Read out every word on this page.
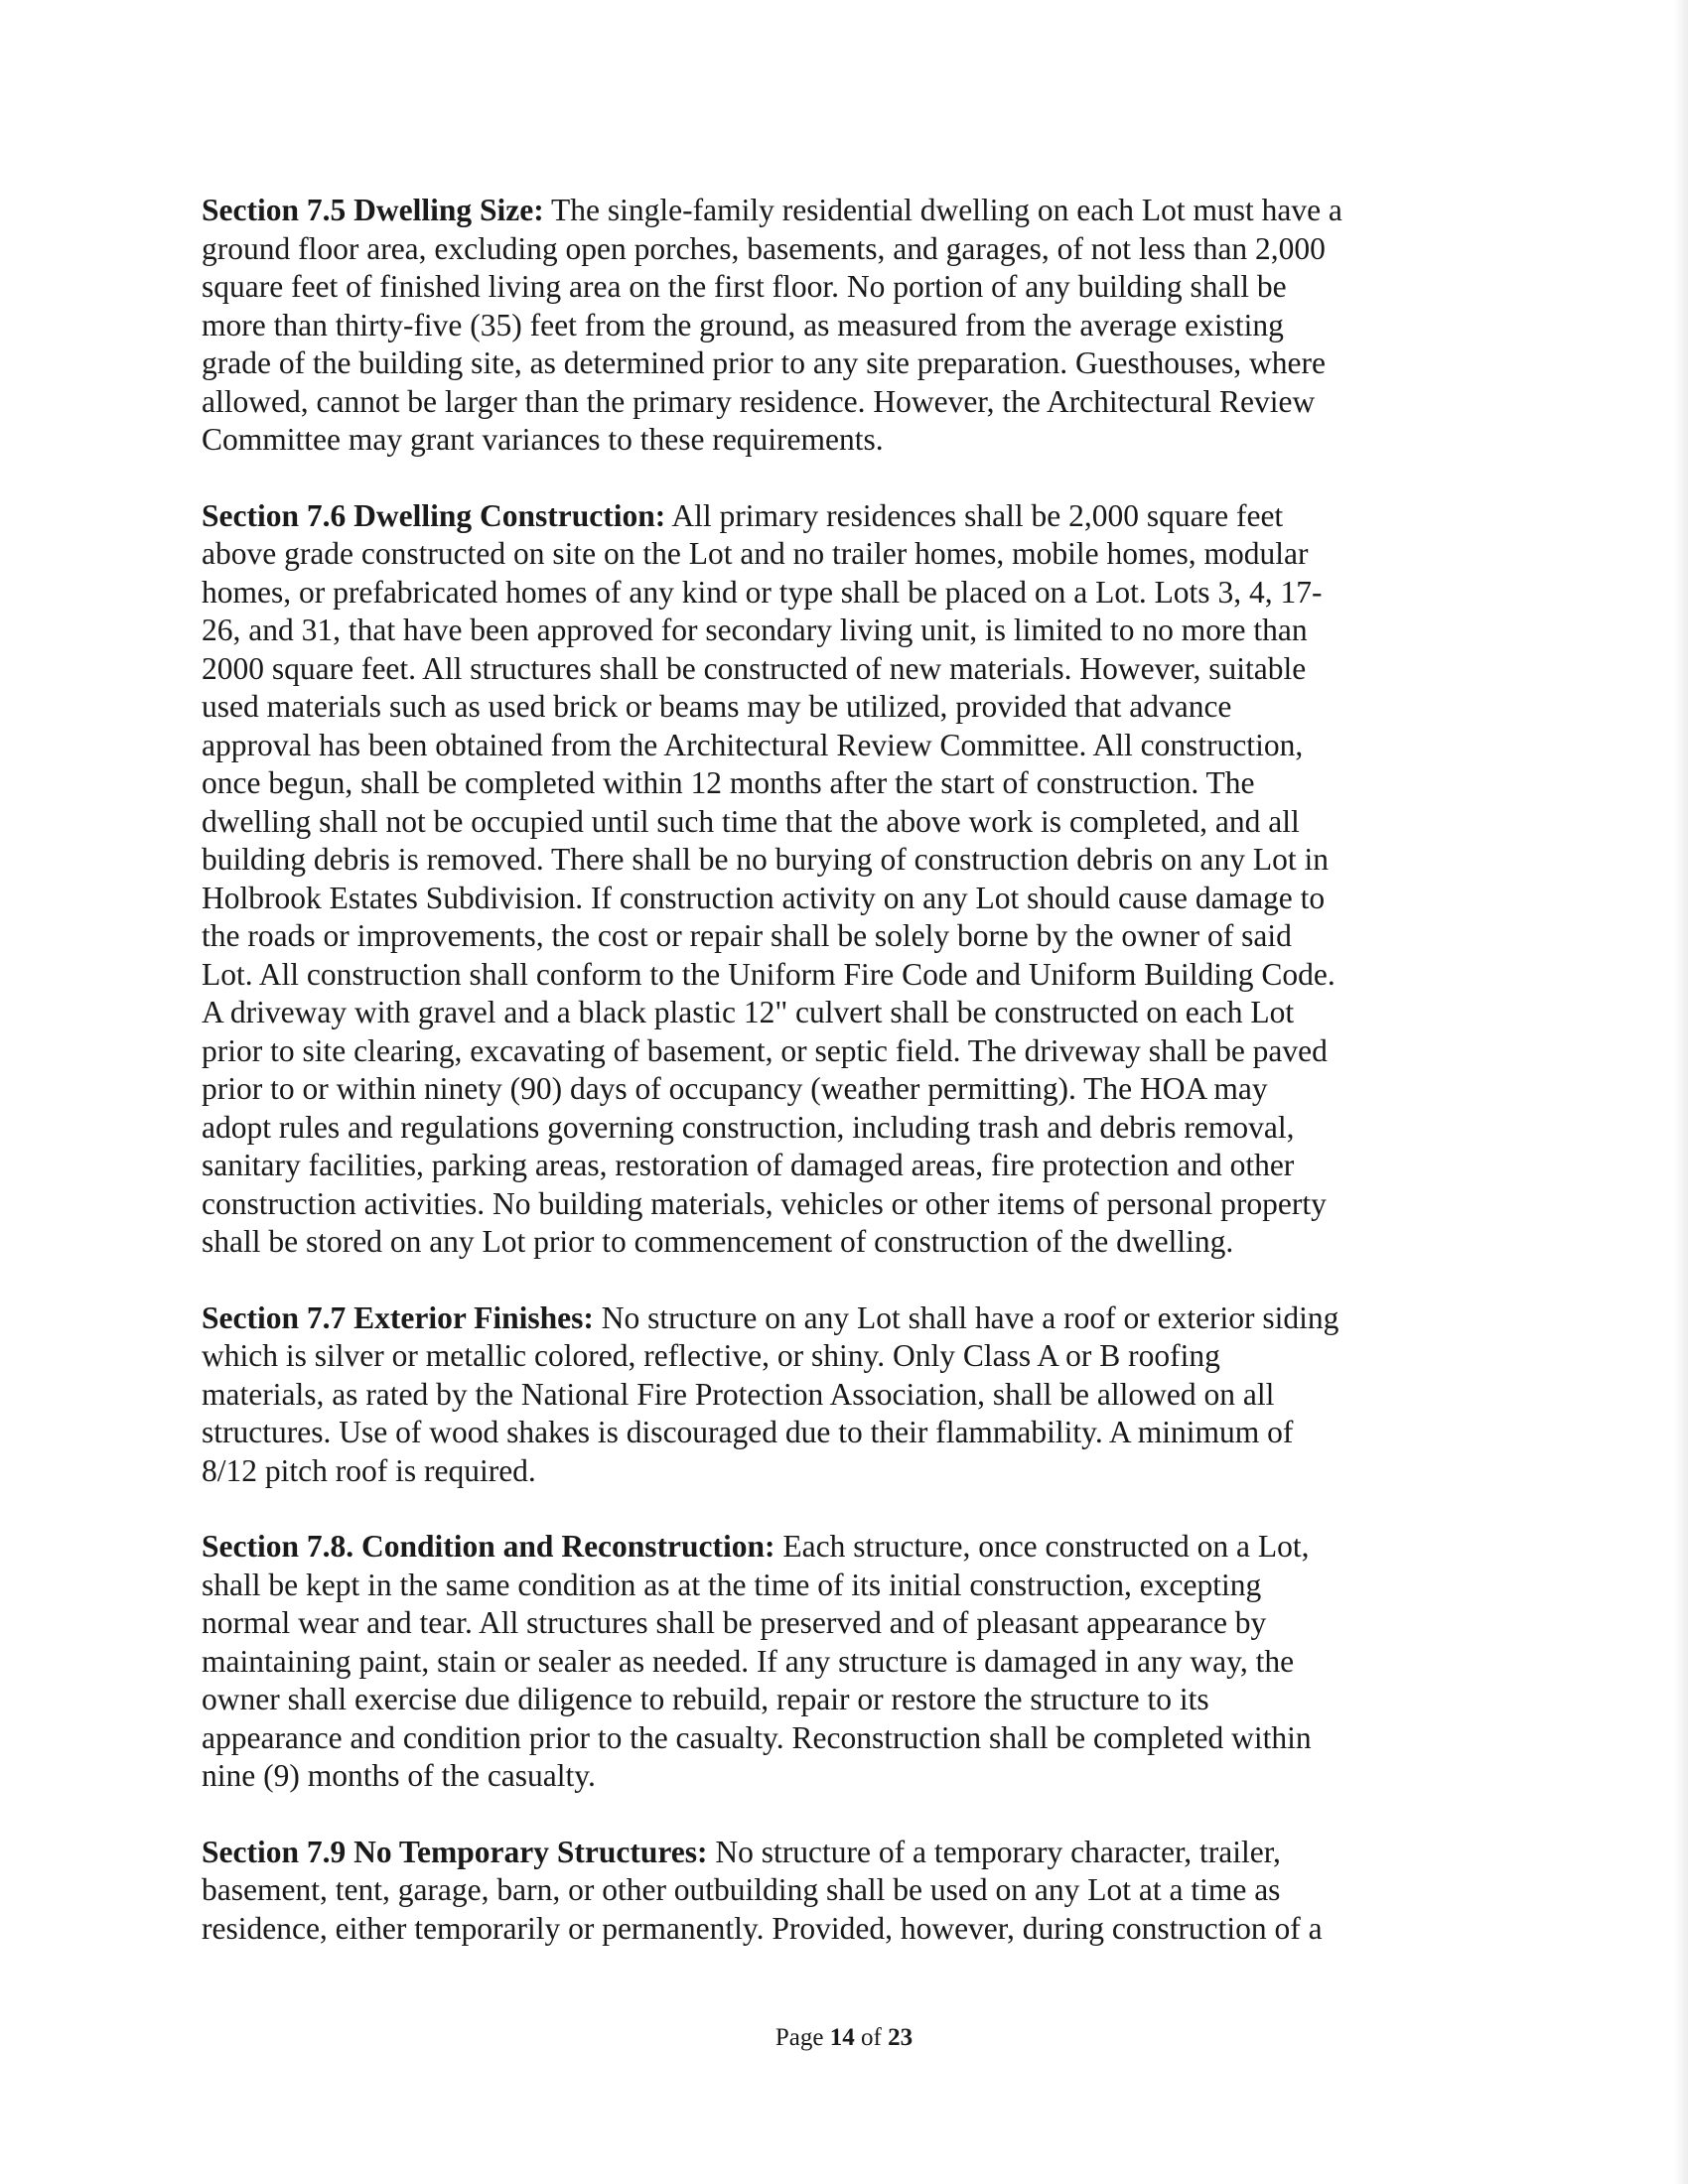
Section 7.5 Dwelling Size: The single-family residential dwelling on each Lot must have a
ground floor area, excluding open porches, basements, and garages, of not less than 2,000
square feet of finished living area on the first floor. No portion of any building shall be
more than thirty-five (35) feet from the ground, as measured from the average existing
grade of the building site, as determined prior to any site preparation. Guesthouses, where
allowed, cannot be larger than the primary residence. However, the Architectural Review
Committee may grant variances to these requirements.

Section 7.6 Dwelling Construction: All primary residences shall be 2,000 square feet
above grade constructed on site on the Lot and no trailer homes, mobile homes, modular
homes, or prefabricated homes of any kind or type shall be placed on a Lot. Lots 3, 4, 17-
26, and 31, that have been approved for secondary living unit, is limited to no more than
2000 square feet. All structures shall be constructed of new materials. However, suitable
used materials such as used brick or beams may be utilized, provided that advance
approval has been obtained from the Architectural Review Committee. All construction,
once begun, shall be completed within 12 months after the start of construction. The
dwelling shall not be occupied until such time that the above work is completed, and all
building debris is removed. There shall be no burying of construction debris on any Lot in
Holbrook Estates Subdivision. If construction activity on any Lot should cause damage to
the roads or improvements, the cost or repair shall be solely borne by the owner of said
Lot. All construction shall conform to the Uniform Fire Code and Uniform Building Code.
A driveway with gravel and a black plastic 12" culvert shall be constructed on each Lot
prior to site clearing, excavating of basement, or septic field. The driveway shall be paved
prior to or within ninety (90) days of occupancy (weather permitting). The HOA may
adopt rules and regulations governing construction, including trash and debris removal,
sanitary facilities, parking areas, restoration of damaged areas, fire protection and other
construction activities. No building materials, vehicles or other items of personal property
shall be stored on any Lot prior to commencement of construction of the dwelling.

Section 7.7 Exterior Finishes: No structure on any Lot shall have a roof or exterior siding
which is silver or metallic colored, reflective, or shiny. Only Class A or B roofing
materials, as rated by the National Fire Protection Association, shall be allowed on all
structures. Use of wood shakes is discouraged due to their flammability. A minimum of
8/12 pitch roof is required.

Section 7.8. Condition and Reconstruction: Each structure, once constructed on a Lot,
shall be kept in the same condition as at the time of its initial construction, excepting
normal wear and tear. All structures shall be preserved and of pleasant appearance by
maintaining paint, stain or sealer as needed. If any structure is damaged in any way, the
owner shall exercise due diligence to rebuild, repair or restore the structure to its
appearance and condition prior to the casualty. Reconstruction shall be completed within
nine (9) months of the casualty.

Section 7.9 No Temporary Structures: No structure of a temporary character, trailer,
basement, tent, garage, barn, or other outbuilding shall be used on any Lot at a time as
residence, either temporarily or permanently. Provided, however, during construction of a

Page 14 of 23
